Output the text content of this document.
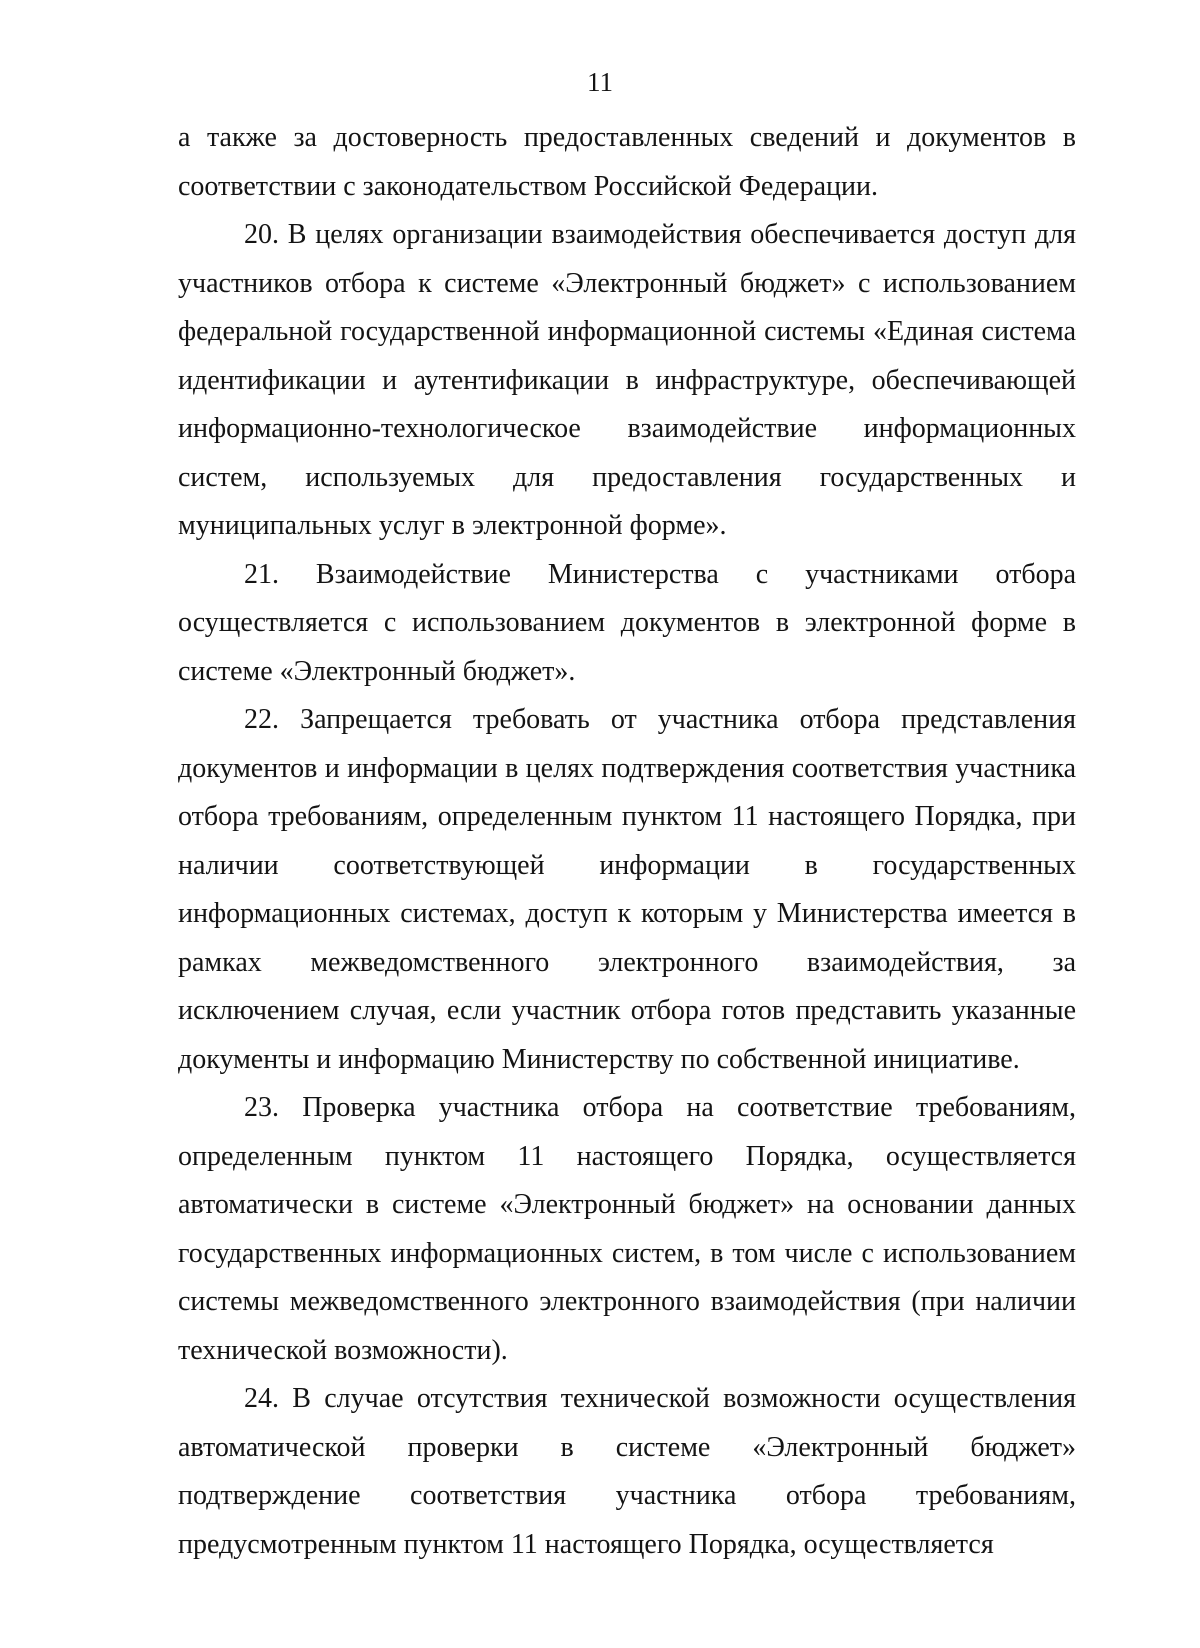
11

а также за достоверность предоставленных сведений и документов в соответствии с законодательством Российской Федерации.

20. В целях организации взаимодействия обеспечивается доступ для участников отбора к системе «Электронный бюджет» с использованием федеральной государственной информационной системы «Единая система идентификации и аутентификации в инфраструктуре, обеспечивающей информационно-технологическое взаимодействие информационных систем, используемых для предоставления государственных и муниципальных услуг в электронной форме».

21. Взаимодействие Министерства с участниками отбора осуществляется с использованием документов в электронной форме в системе «Электронный бюджет».

22. Запрещается требовать от участника отбора представления документов и информации в целях подтверждения соответствия участника отбора требованиям, определенным пунктом 11 настоящего Порядка, при наличии соответствующей информации в государственных информационных системах, доступ к которым у Министерства имеется в рамках межведомственного электронного взаимодействия, за исключением случая, если участник отбора готов представить указанные документы и информацию Министерству по собственной инициативе.

23. Проверка участника отбора на соответствие требованиям, определенным пунктом 11 настоящего Порядка, осуществляется автоматически в системе «Электронный бюджет» на основании данных государственных информационных систем, в том числе с использованием системы межведомственного электронного взаимодействия (при наличии технической возможности).

24. В случае отсутствия технической возможности осуществления автоматической проверки в системе «Электронный бюджет» подтверждение соответствия участника отбора требованиям, предусмотренным пунктом 11 настоящего Порядка, осуществляется
